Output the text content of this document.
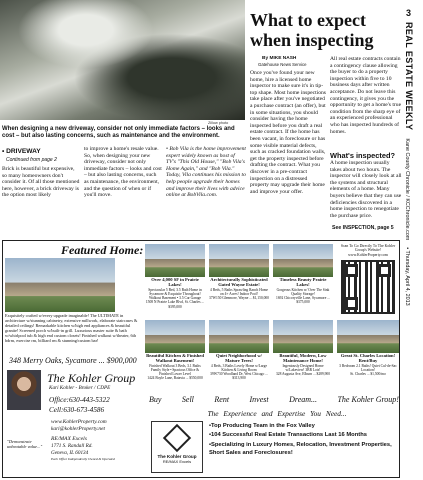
Zillow photo
When designing a new driveway, consider not only immediate factors – looks and cost – but also lasting concerns, such as maintenance and the environment.
• DRIVEWAY
Continued from page 2
Brick is beautiful but expensive, so many homeowners don't consider it. Of all those mentioned here, however, a brick driveway is the option most likely
to improve a home's resale value. So, when designing your new driveway, consider not only immediate factors – looks and cost – but also lasting concerns, such as maintenance, the environment, and the question of when or if you'll move.
• Bob Vila is the home improvement expert widely known as host of TV's "This Old House," "Bob Vila's Home Again," and "Bob Vila." Today, Vila continues his mission to help people upgrade their homes and improve their lives with advice online at BobVila.com.
What to expect when inspecting
By MIKE NASH
Gatehouse News Service
Once you've found your new home, hire a licensed home inspector to make sure it's in tip-top shape. Most home inspections take place after you've negotiated a purchase contract (an offer), but in some situations, you should consider having the home inspected before you draft a real estate contract. If the home has been vacant, in foreclosure or has some visible material defects, such as cracked foundation walls, get the property inspected before drafting the contract. What you discover in a pre-contract inspection on a distressed property may upgrade their home and improve your offer.
All real estate contracts contain a contingency clause allowing the buyer to do a property inspection within five to 10 business days after written acceptance. Do not leave this contingency, it gives you the opportunity to get a home's true condition from the sharp eye of an experienced professional who has inspected hundreds of homes.
What's inspected?
A home inspection usually takes about two hours. The inspector will closely look at all the systems and structural elements of a home. Many buyers believe that they can use deficiencies discovered in a home inspection to renegotiate the purchase price.
See INSPECTION, page 5
3
REAL ESTATE WEEKLY Kane County Chronicle / KCChronicle.com • Thursday, April 4, 2013
Featured Home:
Exquisitely crafted w/every upgrade imaginable! The ULTIMATE in architecture w/stunning cabinetry, extensive millwork, elaborate staircases & detailed ceilings! Remarkable kitchen w/high end appliances & beautiful granite! Screened porch w/built-in grill. Luxurious master suite & bath w/whirlpool tub & high end custom closets! Finished walkout w/theater, 6th bdrm, exercise rm, billiard rm & stunning/custom bar!
348 Merry Oaks, Sycamore ... $900,000
Over 4,000 SF in Prairie Lakes!
Spectacular 5 Bed, 3.5 Bath Home in Sycamore & Exquisite Throughout! Walkout Basement • 3.5 Car Garage
1508 N Prairie Lake Blvd, St. Charles ... $395,000
Architecturally Sophisticated Gated Wayne Estate!
4 Beds, 5 Baths Sprawling Ranch Home on 4+ Acres! Indoor Pool!
37W150 Glenmore, Wayne ... $1,150,000
Timeless Beauty Prairie Lakes!
Gorgeous Kitchen w/ Over The Sink Quality Storage!
1692 Chicoryville Lane, Sycamore ... $375,000
Scan To Go Directly To The Kohler Group's Website! www.KohlerProperty.com
Beautiful Kitchen & Finished Walkout Basement!
Finished Walkout 3 Beds, 3.1 Baths Family Style • Spacious Office & Finished Lower Level
1424 Boyle Lane, Batavia ... $550,000
Quiet Neighborhood w/ Mature Trees!
4 Beds, 3 Baths Lovely Home w/Large Kitchen & Living Room
39W730 Woodland Dr, West Chicago ... $313,900
Beautiful, Modern, Low Maintenance Home!
Ingeniously Designed Home w/Lakeview! 3BR Lots!
328 Augusta Ave, Elburn ... $289,900
Great St. Charles Location! Rent/Buy
3 Bedroom 2.1 Baths! Quiet Cul-de-Sac Location!
St. Charles ... $1,500/mo
The Kohler Group
Kari Kohler - Broker / CDPE
Office:630-443-5322
Cell:630-673-4586
www.KohlerProperty.com
kari@kohlerProperty.net
RE/MAX Excels
1771 S. Randall Rd.
Geneva, IL 60134
Each Office Independently Owned & Operated
"Demonstrate unbeatable value..."
Buy	Sell	Rent	Invest	Dream...	The Kohler Group!
The Experience and Expertise You Need...
The Kohler Group
RE/MAX Excels
•Top Producing Team in the Fox Valley
•104 Successful Real Estate Transactions Last 16 Months
•Specializing in Luxury Homes, Relocation, Investment Properties, Short Sales and Foreclosures!
